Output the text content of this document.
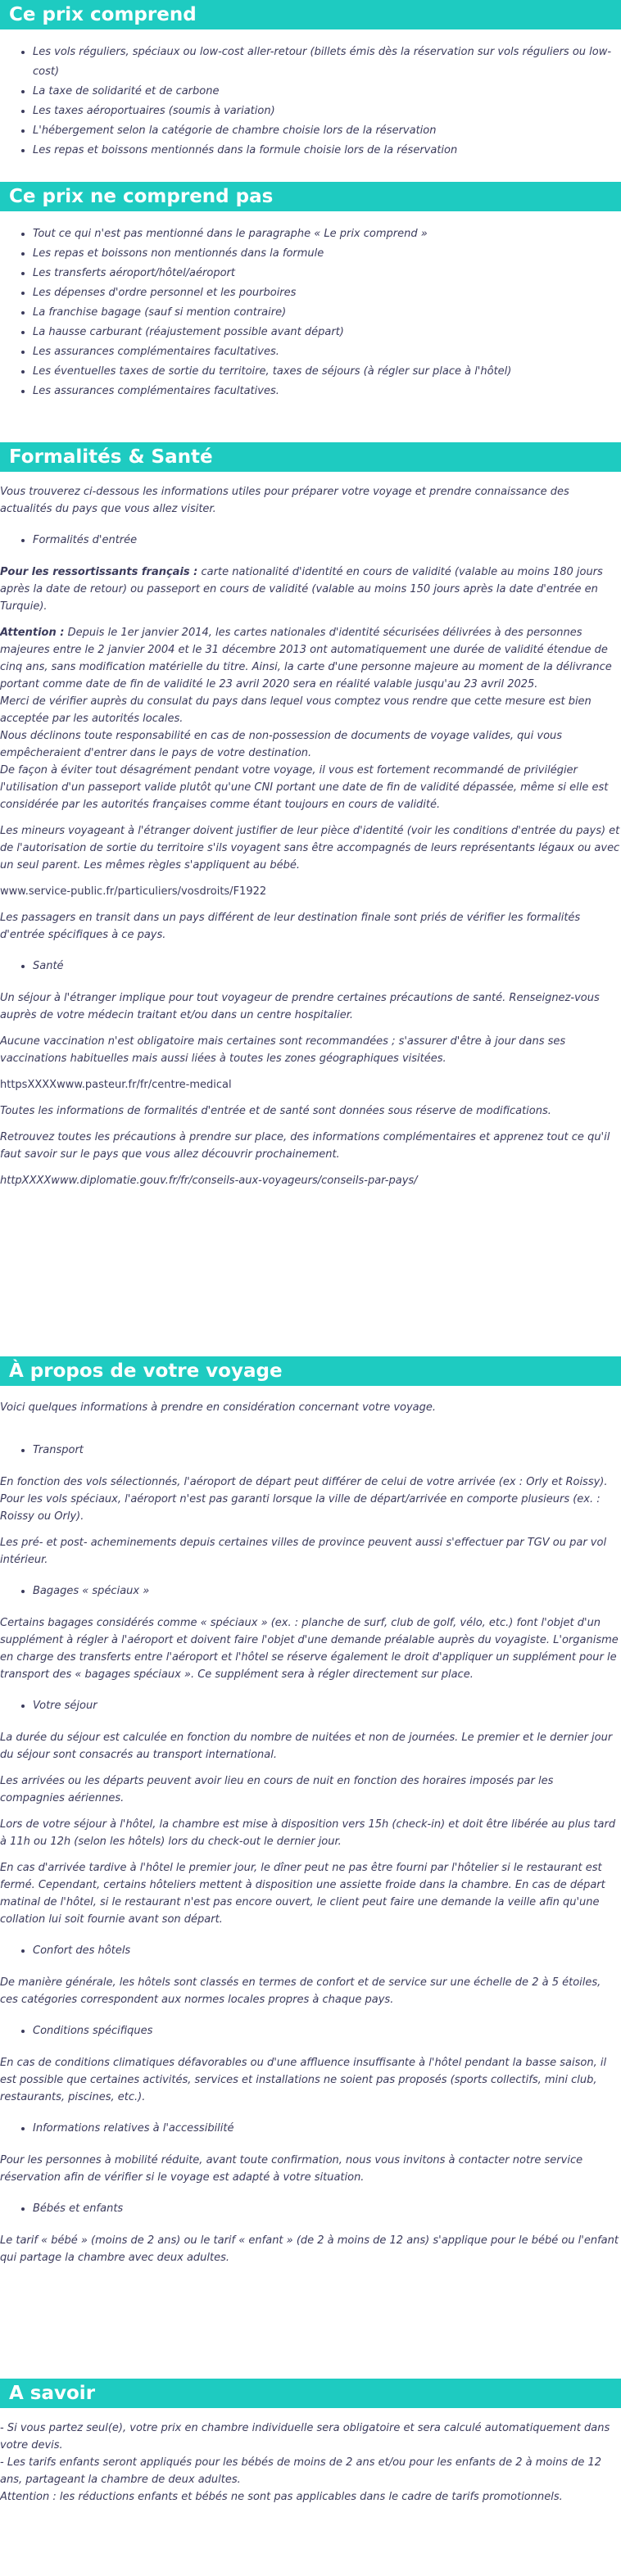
Ce prix comprend
• Les vols réguliers, spéciaux ou low-cost aller-retour (billets émis dès la réservation sur vols réguliers ou low-cost)
• La taxe de solidarité et de carbone
• Les taxes aéroportuaires (soumis à variation)
• L'hébergement selon la catégorie de chambre choisie lors de la réservation
• Les repas et boissons mentionnés dans la formule choisie lors de la réservation
Ce prix ne comprend pas
• Tout ce qui n'est pas mentionné dans le paragraphe « Le prix comprend »
• Les repas et boissons non mentionnés dans la formule
• Les transferts aéroport/hôtel/aéroport
• Les dépenses d'ordre personnel et les pourboires
• La franchise bagage (sauf si mention contraire)
• La hausse carburant (réajustement possible avant départ)
• Les assurances complémentaires facultatives.
• Les éventuelles taxes de sortie du territoire, taxes de séjours (à régler sur place à l'hôtel)
• Les assurances complémentaires facultatives.
Formalités & Santé

Vous trouverez ci-dessous les informations utiles pour préparer votre voyage et prendre connaissance des actualités du pays que vous allez visiter.

• Formalités d'entrée

Pour les ressortissants français : carte nationalité d'identité en cours de validité (valable au moins 180 jours après la date de retour) ou passeport en cours de validité (valable au moins 150 jours après la date d'entrée en Turquie).

Attention : Depuis le 1er janvier 2014, les cartes nationales d'identité sécurisées délivrées à des personnes majeures entre le 2 janvier 2004 et le 31 décembre 2013 ont automatiquement une durée de validité étendue de cinq ans, sans modification matérielle du titre. Ainsi, la carte d'une personne majeure au moment de la délivrance portant comme date de fin de validité le 23 avril 2020 sera en réalité valable jusqu'au 23 avril 2025.

Merci de vérifier auprès du consulat du pays dans lequel vous comptez vous rendre que cette mesure est bien acceptée par les autorités locales.

Nous déclinons toute responsabilité en cas de non-possession de documents de voyage valides, qui vous empêcheraient d'entrer dans le pays de votre destination.

De façon à éviter tout désagrément pendant votre voyage, il vous est fortement recommandé de privilégier l'utilisation d'un passeport valide plutôt qu'une CNI portant une date de fin de validité dépassée, même si elle est considérée par les autorités françaises comme étant toujours en cours de validité.

Les mineurs voyageant à l'étranger doivent justifier de leur pièce d'identité (voir les conditions d'entrée du pays) et de l'autorisation de sortie du territoire s'ils voyagent sans être accompagnés de leurs représentants légaux ou avec un seul parent. Les mêmes règles s'appliquent au bébé.

www.service-public.fr/particuliers/vosdroits/F1922

Les passagers en transit dans un pays différent de leur destination finale sont priés de vérifier les formalités d'entrée spécifiques à ce pays.

• Santé

Un séjour à l'étranger implique pour tout voyageur de prendre certaines précautions de santé. Renseignez-vous auprès de votre médecin traitant et/ou dans un centre hospitalier.

Aucune vaccination n'est obligatoire mais certaines sont recommandées ; s'assurer d'être à jour dans ses vaccinations habituelles mais aussi liées à toutes les zones géographiques visitées.

httpsXXXXwww.pasteur.fr/fr/centre-medical

Toutes les informations de formalités d'entrée et de santé sont données sous réserve de modifications.

Retrouvez toutes les précautions à prendre sur place, des informations complémentaires et apprenez tout ce qu'il faut savoir sur le pays que vous allez découvrir prochainement.

httpXXXXwww.diplomatie.gouv.fr/fr/conseils-aux-voyageurs/conseils-par-pays/

À propos de votre voyage

Voici quelques informations à prendre en considération concernant votre voyage.

• Transport

En fonction des vols sélectionnés, l'aéroport de départ peut différer de celui de votre arrivée (ex : Orly et Roissy). Pour les vols spéciaux, l'aéroport n'est pas garanti lorsque la ville de départ/arrivée en comporte plusieurs (ex. : Roissy ou Orly).

Les pré- et post- acheminements depuis certaines villes de province peuvent aussi s'effectuer par TGV ou par vol intérieur.

• Bagages « spéciaux »

Certains bagages considérés comme « spéciaux » (ex. : planche de surf, club de golf, vélo, etc.) font l'objet d'un supplément à régler à l'aéroport et doivent faire l'objet d'une demande préalable auprès du voyagiste. L'organisme en charge des transferts entre l'aéroport et l'hôtel se réserve également le droit d'appliquer un supplément pour le transport des « bagages spéciaux ». Ce supplément sera à régler directement sur place.

• Votre séjour

La durée du séjour est calculée en fonction du nombre de nuitées et non de journées. Le premier et le dernier jour du séjour sont consacrés au transport international.

Les arrivées ou les départs peuvent avoir lieu en cours de nuit en fonction des horaires imposés par les compagnies aériennes.

Lors de votre séjour à l'hôtel, la chambre est mise à disposition vers 15h (check-in) et doit être libérée au plus tard à 11h ou 12h (selon les hôtels) lors du check-out le dernier jour.

En cas d'arrivée tardive à l'hôtel le premier jour, le dîner peut ne pas être fourni par l'hôtelier si le restaurant est fermé. Cependant, certains hôteliers mettent à disposition une assiette froide dans la chambre. En cas de départ matinal de l'hôtel, si le restaurant n'est pas encore ouvert, le client peut faire une demande la veille afin qu'une collation lui soit fournie avant son départ.

• Confort des hôtels

De manière générale, les hôtels sont classés en termes de confort et de service sur une échelle de 2 à 5 étoiles, ces catégories correspondent aux normes locales propres à chaque pays.

• Conditions spécifiques

En cas de conditions climatiques défavorables ou d'une affluence insuffisante à l'hôtel pendant la basse saison, il est possible que certaines activités, services et installations ne soient pas proposés (sports collectifs, mini club, restaurants, piscines, etc.).

• Informations relatives à l'accessibilité

Pour les personnes à mobilité réduite, avant toute confirmation, nous vous invitons à contacter notre service réservation afin de vérifier si le voyage est adapté à votre situation.

• Bébés et enfants

Le tarif « bébé » (moins de 2 ans) ou le tarif « enfant » (de 2 à moins de 12 ans) s'applique pour le bébé ou l'enfant qui partage la chambre avec deux adultes.

A savoir

- Si vous partez seul(e), votre prix en chambre individuelle sera obligatoire et sera calculé automatiquement dans votre devis.

- Les tarifs enfants seront appliqués pour les bébés de moins de 2 ans et/ou pour les enfants de 2 à moins de 12 ans, partageant la chambre de deux adultes.

Attention : les réductions enfants et bébés ne sont pas applicables dans le cadre de tarifs promotionnels.
